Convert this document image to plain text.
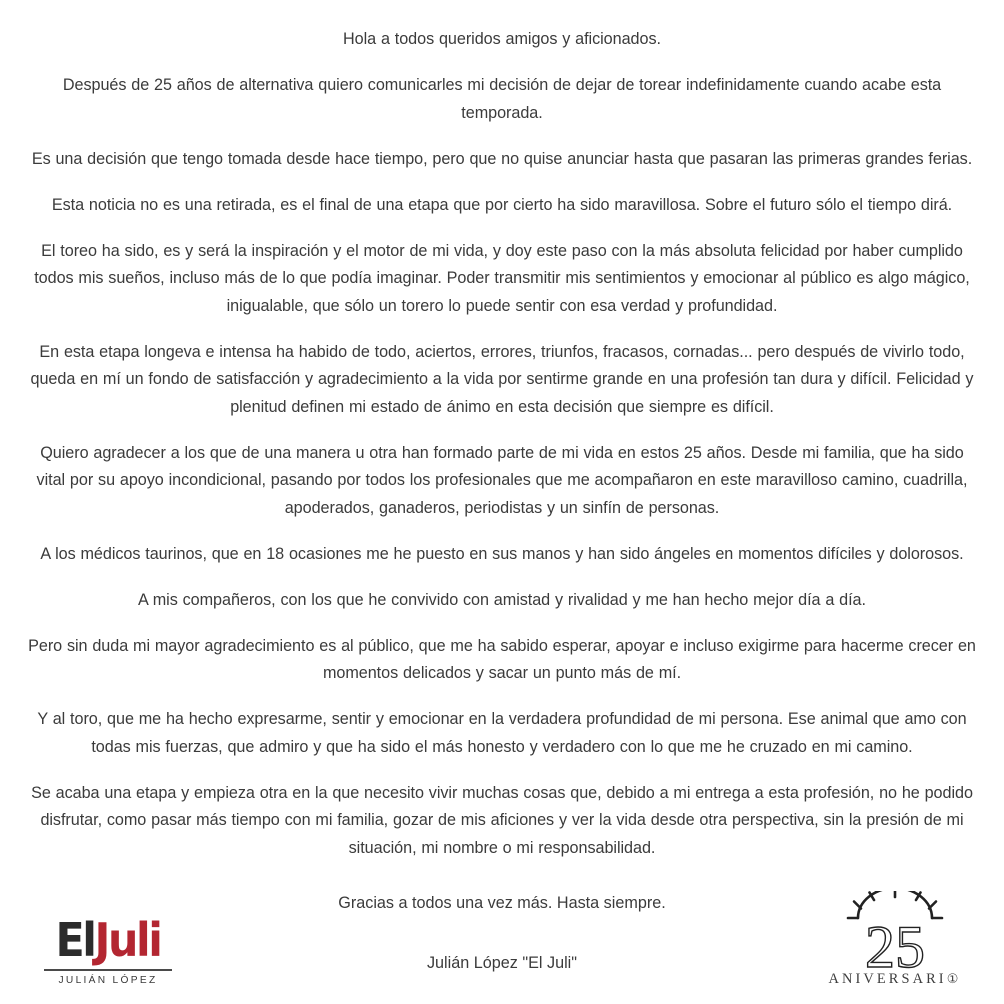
Hola a todos queridos amigos y aficionados.

Después de 25 años de alternativa quiero comunicarles mi decisión de dejar de torear indefinidamente cuando acabe esta temporada.

Es una decisión que tengo tomada desde hace tiempo, pero que no quise anunciar hasta que pasaran las primeras grandes ferias.

Esta noticia no es una retirada, es el final de una etapa que por cierto ha sido maravillosa. Sobre el futuro sólo el tiempo dirá.

El toreo ha sido, es y será la inspiración y el motor de mi vida, y doy este paso con la más absoluta felicidad por haber cumplido todos mis sueños, incluso más de lo que podía imaginar. Poder transmitir mis sentimientos y emocionar al público es algo mágico, inigualable, que sólo un torero lo puede sentir con esa verdad y profundidad.

En esta etapa longeva e intensa ha habido de todo, aciertos, errores, triunfos, fracasos, cornadas... pero después de vivirlo todo, queda en mí un fondo de satisfacción y agradecimiento a la vida por sentirme grande en una profesión tan dura y difícil. Felicidad y plenitud definen mi estado de ánimo en esta decisión que siempre es difícil.

Quiero agradecer a los que de una manera u otra han formado parte de mi vida en estos 25 años. Desde mi familia, que ha sido vital por su apoyo incondicional, pasando por todos los profesionales que me acompañaron en este maravilloso camino, cuadrilla, apoderados, ganaderos, periodistas y un sinfín de personas.

A los médicos taurinos, que en 18 ocasiones me he puesto en sus manos y han sido ángeles en momentos difíciles y dolorosos.

A mis compañeros, con los que he convivido con amistad y rivalidad y me han hecho mejor día a día.

Pero sin duda mi mayor agradecimiento es al público, que me ha sabido esperar, apoyar e incluso exigirme para hacerme crecer en momentos delicados y sacar un punto más de mí.

Y al toro, que me ha hecho expresarme, sentir y emocionar en la verdadera profundidad de mi persona. Ese animal que amo con todas mis fuerzas, que admiro y que ha sido el más honesto y verdadero con lo que me he cruzado en mi camino.

Se acaba una etapa y empieza otra en la que necesito vivir muchas cosas que, debido a mi entrega a esta profesión, no he podido disfrutar, como pasar más tiempo con mi familia, gozar de mis aficiones y ver la vida desde otra perspectiva, sin la presión de mi situación, mi nombre o mi responsabilidad.

Gracias a todos una vez más. Hasta siempre.

Julián López "El Juli"

ElJuli
JULIÁN LÓPEZ
25
ANIVERSARI①
